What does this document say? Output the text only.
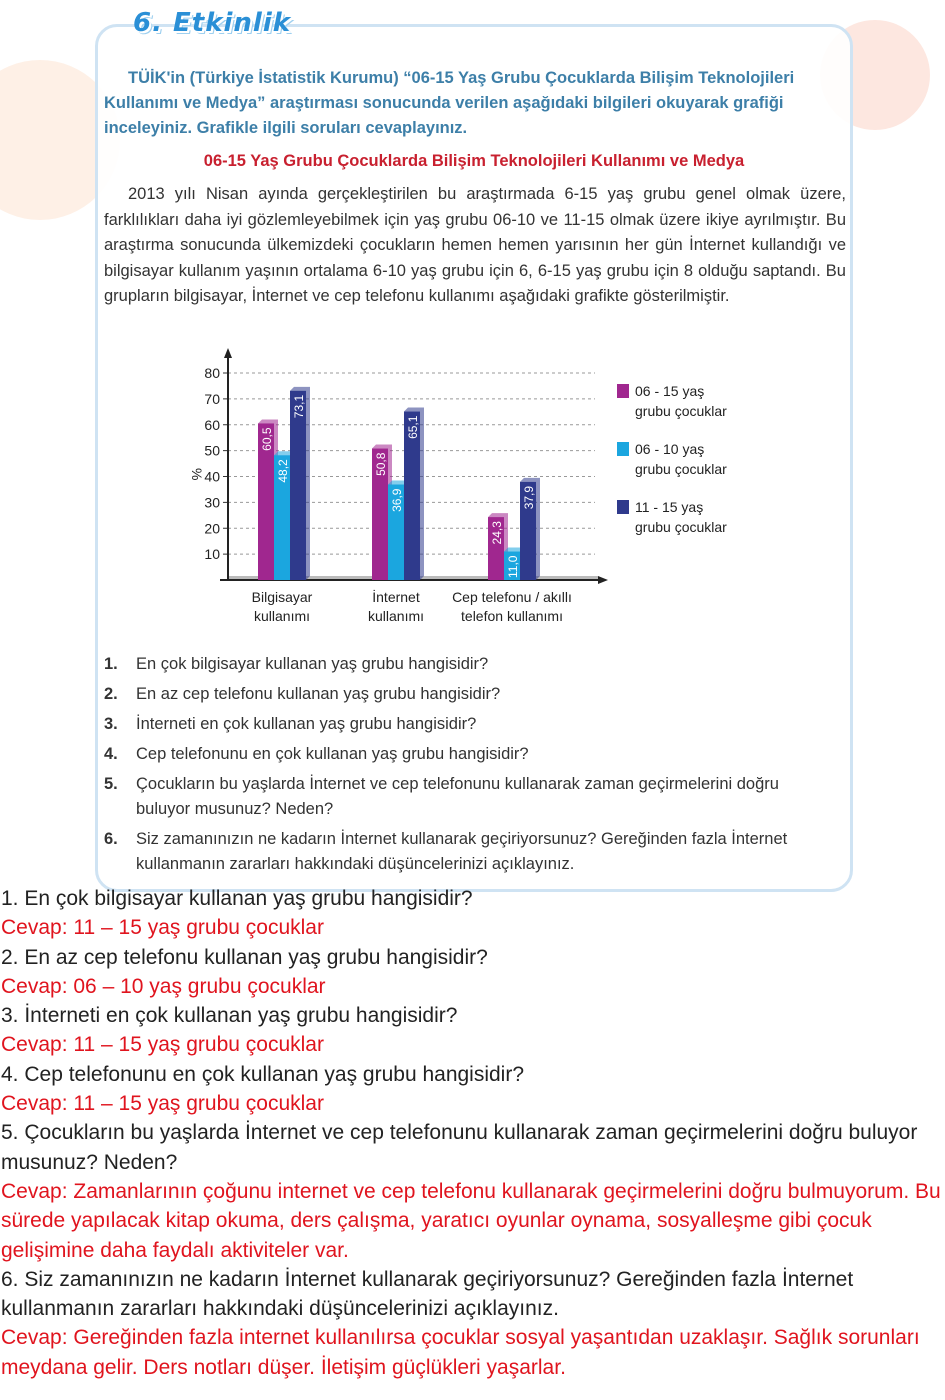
6. Etkinlik
TÜİK'in (Türkiye İstatistik Kurumu) “06-15 Yaş Grubu Çocuklarda Bilişim Teknolojileri Kullanımı ve Medya” araştırması sonucunda verilen aşağıdaki bilgileri okuyarak grafiği inceleyiniz. Grafikle ilgili soruları cevaplayınız.
06-15 Yaş Grubu Çocuklarda Bilişim Teknolojileri Kullanımı ve Medya
2013 yılı Nisan ayında gerçekleştirilen bu araştırmada 6-15 yaş grubu genel olmak üzere, farklılıkları daha iyi gözlemleyebilmek için yaş grubu 06-10 ve 11-15 olmak üzere ikiye ayrılmıştır. Bu araştırma sonucunda ülkemizdeki çocukların hemen hemen yarısının her gün İnternet kullandığı ve bilgisayar kullanım yaşının ortalama 6-10 yaş grubu için 6, 6-15 yaş grubu için 8 olduğu saptandı. Bu grupların bilgisayar, İnternet ve cep telefonu kullanımı aşağıdaki grafikte gösterilmiştir.
10
20
30
40
50
60
70
80
%
60,5
48,2
73,1
Bilgisayar
kullanımı
50,8
36,9
65,1
İnternet
kullanımı
24,3
11,0
37,9
Cep telefonu / akıllı
telefon kullanımı
06 - 15 yaş
grubu çocuklar
06 - 10 yaş
grubu çocuklar
11 - 15 yaş
grubu çocuklar
1.	En çok bilgisayar kullanan yaş grubu hangisidir?
2.	En az cep telefonu kullanan yaş grubu hangisidir?
3.	İnterneti en çok kullanan yaş grubu hangisidir?
4.	Cep telefonunu en çok kullanan yaş grubu hangisidir?
5.	Çocukların bu yaşlarda İnternet ve cep telefonunu kullanarak zaman geçirmelerini doğru buluyor musunuz? Neden?
6.	Siz zamanınızın ne kadarın İnternet kullanarak geçiriyorsunuz? Gereğinden fazla İnternet kullanmanın zararları hakkındaki düşüncelerinizi açıklayınız.
1. En çok bilgisayar kullanan yaş grubu hangisidir?
Cevap: 11 – 15 yaş grubu çocuklar
2. En az cep telefonu kullanan yaş grubu hangisidir?
Cevap: 06 – 10 yaş grubu çocuklar
3. İnterneti en çok kullanan yaş grubu hangisidir?
Cevap: 11 – 15 yaş grubu çocuklar
4. Cep telefonunu en çok kullanan yaş grubu hangisidir?
Cevap: 11 – 15 yaş grubu çocuklar
5. Çocukların bu yaşlarda İnternet ve cep telefonunu kullanarak zaman geçirmelerini doğru buluyor musunuz? Neden?
Cevap: Zamanlarının çoğunu internet ve cep telefonu kullanarak geçirmelerini doğru bulmuyorum. Bu sürede yapılacak kitap okuma, ders çalışma, yaratıcı oyunlar oynama, sosyalleşme gibi çocuk gelişimine daha faydalı aktiviteler var.
6. Siz zamanınızın ne kadarın İnternet kullanarak geçiriyorsunuz? Gereğinden fazla İnternet kullanmanın zararları hakkındaki düşüncelerinizi açıklayınız.
Cevap: Gereğinden fazla internet kullanılırsa çocuklar sosyal yaşantıdan uzaklaşır. Sağlık sorunları meydana gelir. Ders notları düşer. İletişim güçlükleri yaşarlar.
